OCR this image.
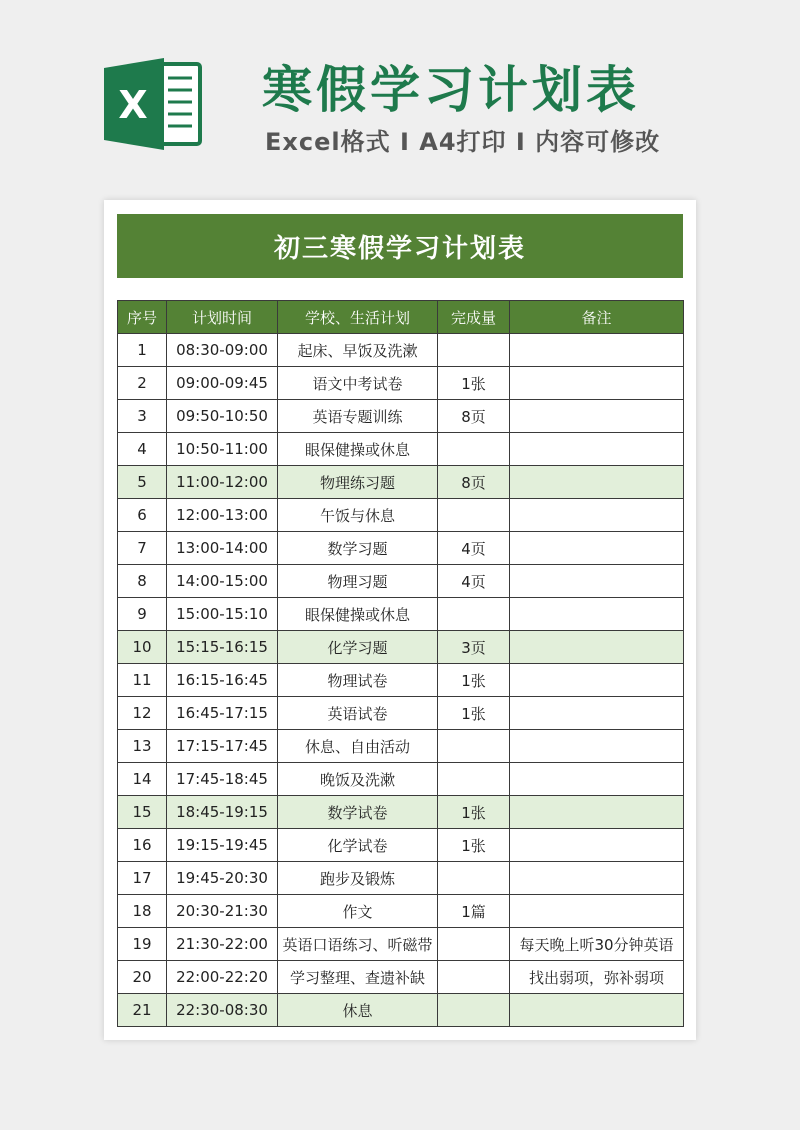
X 寒假学习计划表
Excel格式 I A4打印 I 内容可修改
初三寒假学习计划表
序号	计划时间	学校、生活计划	完成量	备注
1	08:30-09:00	起床、早饭及洗漱		
2	09:00-09:45	语文中考试卷	1张	
3	09:50-10:50	英语专题训练	8页	
4	10:50-11:00	眼保健操或休息		
5	11:00-12:00	物理练习题	8页	
6	12:00-13:00	午饭与休息		
7	13:00-14:00	数学习题	4页	
8	14:00-15:00	物理习题	4页	
9	15:00-15:10	眼保健操或休息		
10	15:15-16:15	化学习题	3页	
11	16:15-16:45	物理试卷	1张	
12	16:45-17:15	英语试卷	1张	
13	17:15-17:45	休息、自由活动		
14	17:45-18:45	晚饭及洗漱		
15	18:45-19:15	数学试卷	1张	
16	19:15-19:45	化学试卷	1张	
17	19:45-20:30	跑步及锻炼		
18	20:30-21:30	作文	1篇	
19	21:30-22:00	英语口语练习、听磁带		每天晚上听30分钟英语
20	22:00-22:20	学习整理、查遗补缺		找出弱项，弥补弱项
21	22:30-08:30	休息		
